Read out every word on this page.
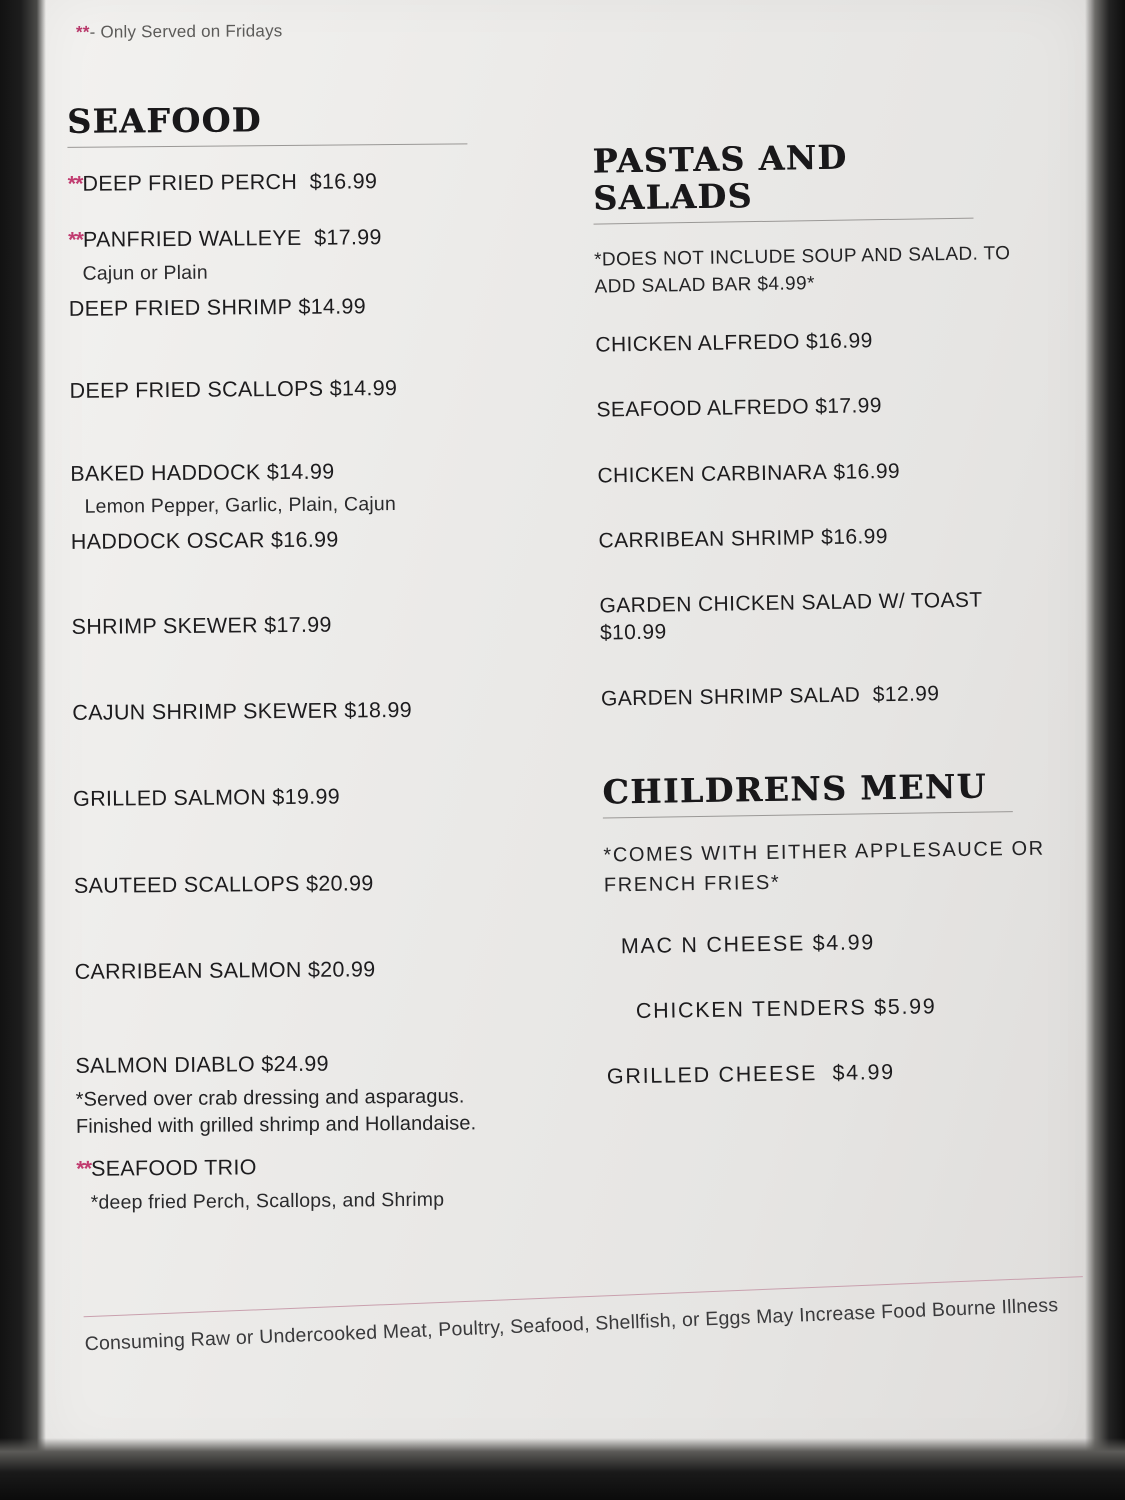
**- Only Served on Fridays
SEAFOOD

**DEEP FRIED PERCH $16.99

**PANFRIED WALLEYE $17.99

Cajun or Plain

DEEP FRIED SHRIMP $14.99

DEEP FRIED SCALLOPS $14.99

BAKED HADDOCK $14.99

Lemon Pepper, Garlic, Plain, Cajun

HADDOCK OSCAR $16.99

SHRIMP SKEWER $17.99

CAJUN SHRIMP SKEWER $18.99

GRILLED SALMON $19.99

SAUTEED SCALLOPS $20.99

CARRIBEAN SALMON $20.99

SALMON DIABLO $24.99

*Served over crab dressing and asparagus. Finished with grilled shrimp and Hollandaise.

**SEAFOOD TRIO

*deep fried Perch, Scallops, and Shrimp

PASTAS AND
SALADS

*DOES NOT INCLUDE SOUP AND SALAD. TO ADD SALAD BAR $4.99*

CHICKEN ALFREDO $16.99

SEAFOOD ALFREDO $17.99

CHICKEN CARBINARA $16.99

CARRIBEAN SHRIMP $16.99

GARDEN CHICKEN SALAD W/ TOAST
$10.99

GARDEN SHRIMP SALAD $12.99

CHILDRENS MENU

*COMES WITH EITHER APPLESAUCE OR FRENCH FRIES*

MAC N CHEESE $4.99

CHICKEN TENDERS $5.99

GRILLED CHEESE $4.99

Consuming Raw or Undercooked Meat, Poultry, Seafood, Shellfish, or Eggs May Increase Food Bourne Illness
